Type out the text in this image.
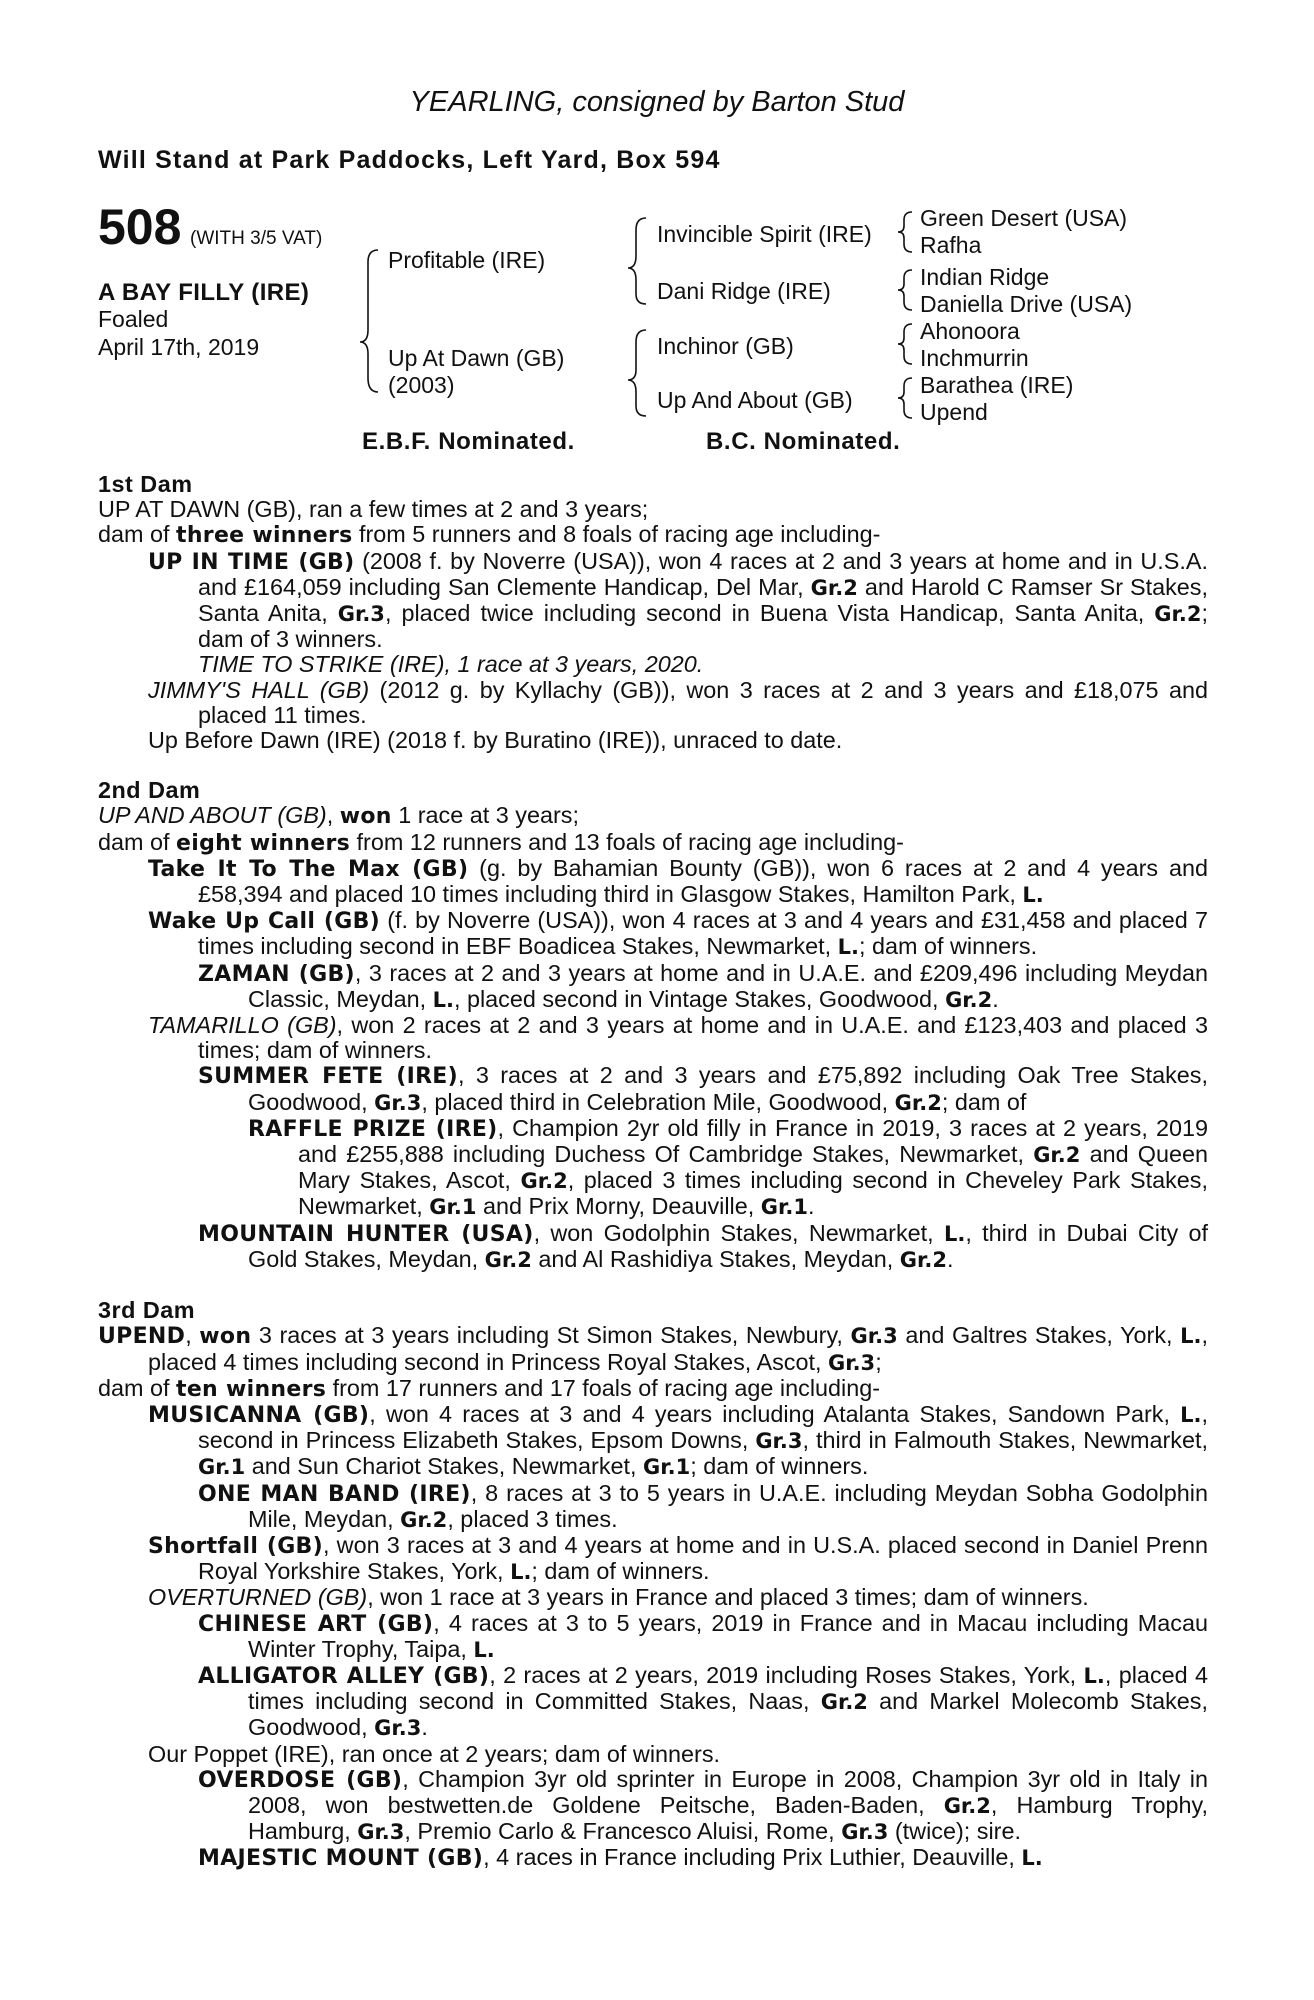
YEARLING, consigned by Barton Stud
Will Stand at Park Paddocks, Left Yard, Box 594
508 (WITH 3/5 VAT)
A BAY FILLY (IRE)
Foaled
April 17th, 2019
Profitable (IRE)
Up At Dawn (GB)
(2003)
Invincible Spirit (IRE)
Dani Ridge (IRE)
Inchinor (GB)
Up And About (GB)
Green Desert (USA)
Rafha
Indian Ridge
Daniella Drive (USA)
Ahonoora
Inchmurrin
Barathea (IRE)
Upend
E.B.F. Nominated.	B.C. Nominated.
1st Dam
UP AT DAWN (GB), ran a few times at 2 and 3 years;
dam of three winners from 5 runners and 8 foals of racing age including-
UP IN TIME (GB) (2008 f. by Noverre (USA)), won 4 races at 2 and 3 years at home and in U.S.A. and £164,059 including San Clemente Handicap, Del Mar, Gr.2 and Harold C Ramser Sr Stakes, Santa Anita, Gr.3, placed twice including second in Buena Vista Handicap, Santa Anita, Gr.2; dam of 3 winners.
TIME TO STRIKE (IRE), 1 race at 3 years, 2020.
JIMMY'S HALL (GB) (2012 g. by Kyllachy (GB)), won 3 races at 2 and 3 years and £18,075 and placed 11 times.
Up Before Dawn (IRE) (2018 f. by Buratino (IRE)), unraced to date.
2nd Dam
UP AND ABOUT (GB), won 1 race at 3 years;
dam of eight winners from 12 runners and 13 foals of racing age including-
Take It To The Max (GB) (g. by Bahamian Bounty (GB)), won 6 races at 2 and 4 years and £58,394 and placed 10 times including third in Glasgow Stakes, Hamilton Park, L.
Wake Up Call (GB) (f. by Noverre (USA)), won 4 races at 3 and 4 years and £31,458 and placed 7 times including second in EBF Boadicea Stakes, Newmarket, L.; dam of winners.
ZAMAN (GB), 3 races at 2 and 3 years at home and in U.A.E. and £209,496 including Meydan Classic, Meydan, L., placed second in Vintage Stakes, Goodwood, Gr.2.
TAMARILLO (GB), won 2 races at 2 and 3 years at home and in U.A.E. and £123,403 and placed 3 times; dam of winners.
SUMMER FETE (IRE), 3 races at 2 and 3 years and £75,892 including Oak Tree Stakes, Goodwood, Gr.3, placed third in Celebration Mile, Goodwood, Gr.2; dam of
RAFFLE PRIZE (IRE), Champion 2yr old filly in France in 2019, 3 races at 2 years, 2019 and £255,888 including Duchess Of Cambridge Stakes, Newmarket, Gr.2 and Queen Mary Stakes, Ascot, Gr.2, placed 3 times including second in Cheveley Park Stakes, Newmarket, Gr.1 and Prix Morny, Deauville, Gr.1.
MOUNTAIN HUNTER (USA), won Godolphin Stakes, Newmarket, L., third in Dubai City of Gold Stakes, Meydan, Gr.2 and Al Rashidiya Stakes, Meydan, Gr.2.
3rd Dam
UPEND, won 3 races at 3 years including St Simon Stakes, Newbury, Gr.3 and Galtres Stakes, York, L., placed 4 times including second in Princess Royal Stakes, Ascot, Gr.3;
dam of ten winners from 17 runners and 17 foals of racing age including-
MUSICANNA (GB), won 4 races at 3 and 4 years including Atalanta Stakes, Sandown Park, L., second in Princess Elizabeth Stakes, Epsom Downs, Gr.3, third in Falmouth Stakes, Newmarket, Gr.1 and Sun Chariot Stakes, Newmarket, Gr.1; dam of winners.
ONE MAN BAND (IRE), 8 races at 3 to 5 years in U.A.E. including Meydan Sobha Godolphin Mile, Meydan, Gr.2, placed 3 times.
Shortfall (GB), won 3 races at 3 and 4 years at home and in U.S.A. placed second in Daniel Prenn Royal Yorkshire Stakes, York, L.; dam of winners.
OVERTURNED (GB), won 1 race at 3 years in France and placed 3 times; dam of winners.
CHINESE ART (GB), 4 races at 3 to 5 years, 2019 in France and in Macau including Macau Winter Trophy, Taipa, L.
ALLIGATOR ALLEY (GB), 2 races at 2 years, 2019 including Roses Stakes, York, L., placed 4 times including second in Committed Stakes, Naas, Gr.2 and Markel Molecomb Stakes, Goodwood, Gr.3.
Our Poppet (IRE), ran once at 2 years; dam of winners.
OVERDOSE (GB), Champion 3yr old sprinter in Europe in 2008, Champion 3yr old in Italy in 2008, won bestwetten.de Goldene Peitsche, Baden-Baden, Gr.2, Hamburg Trophy, Hamburg, Gr.3, Premio Carlo & Francesco Aluisi, Rome, Gr.3 (twice); sire.
MAJESTIC MOUNT (GB), 4 races in France including Prix Luthier, Deauville, L.
